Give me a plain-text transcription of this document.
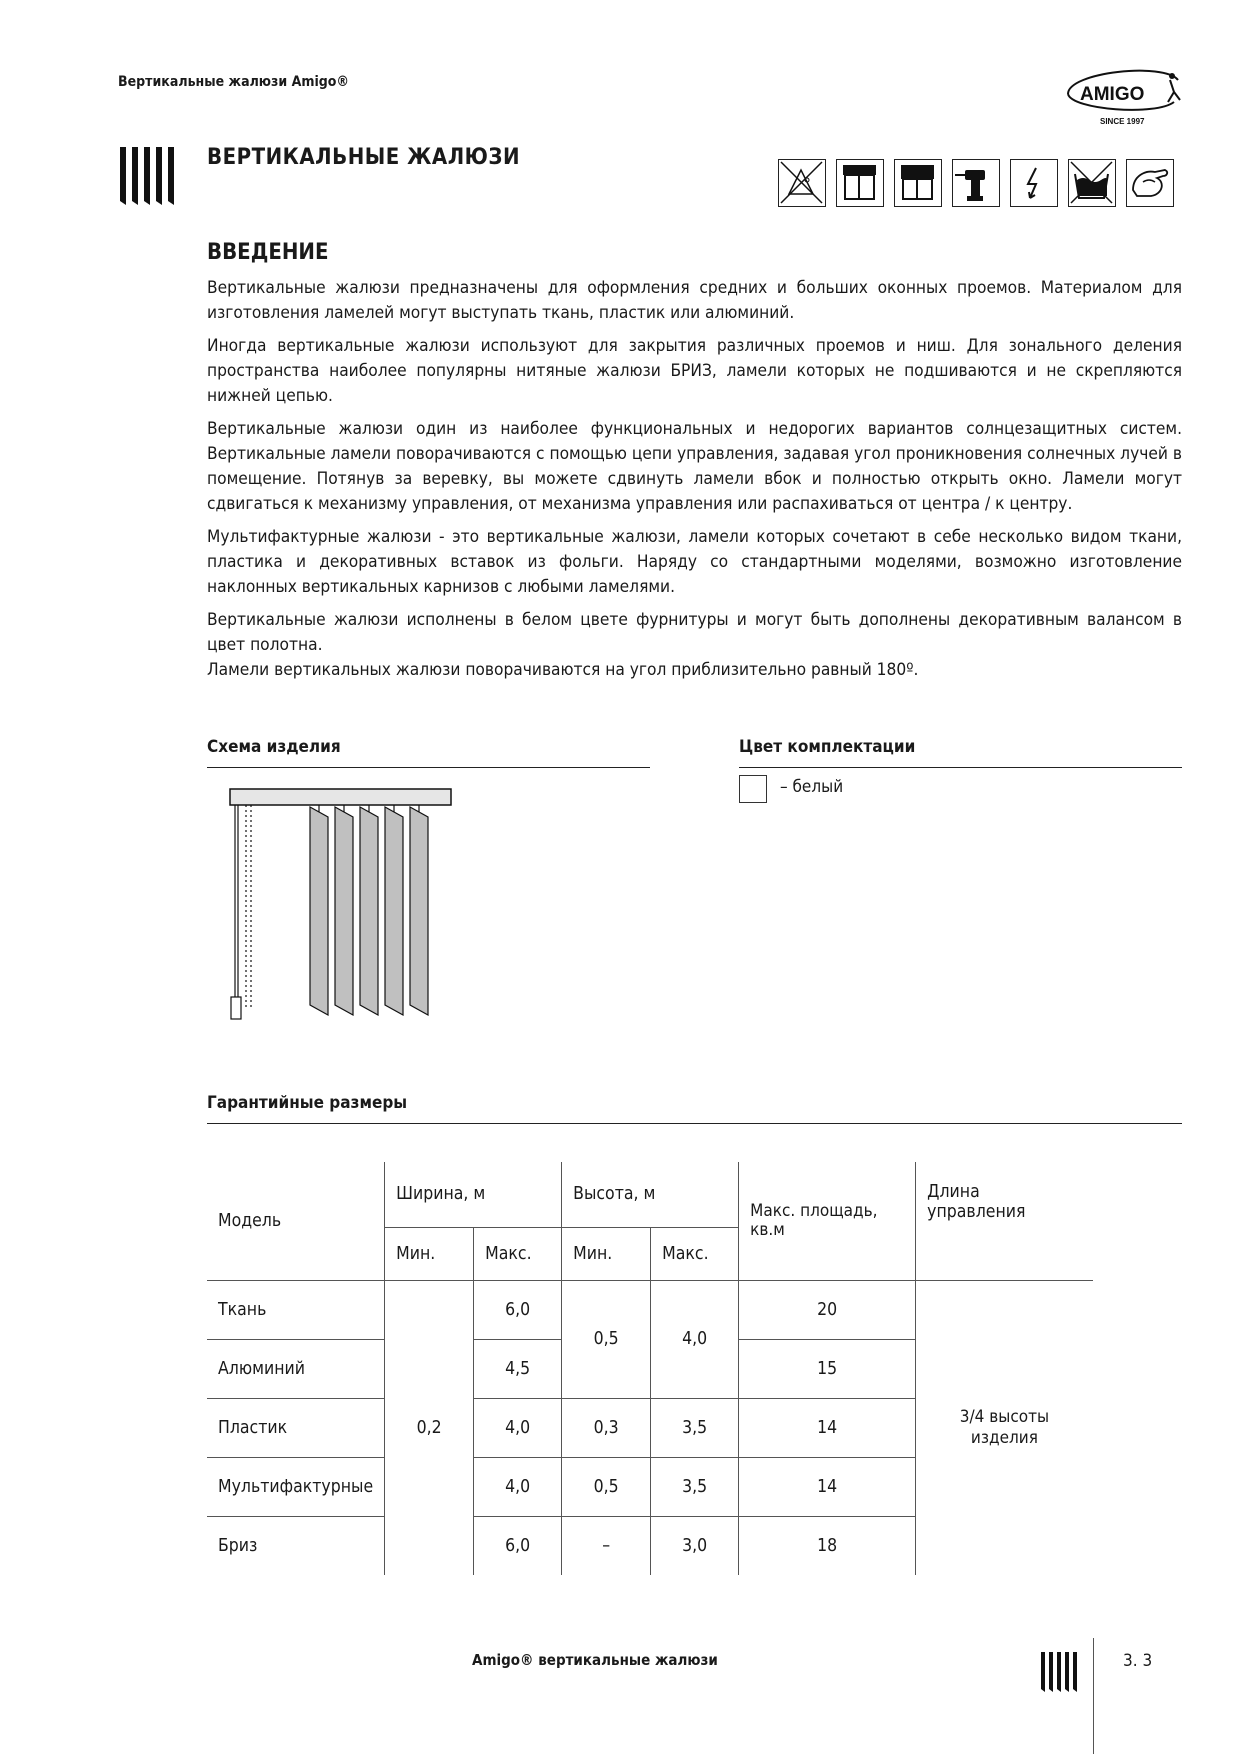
Вертикальные жалюзи Amigo®
AMIGO
SINCE 1997
ВЕРТИКАЛЬНЫЕ ЖАЛЮЗИ
ВВЕДЕНИЕ

Вертикальные жалюзи предназначены для оформления средних и больших оконных проемов. Материалом для изготовления ламелей могут выступать ткань, пластик или алюминий.

Иногда вертикальные жалюзи используют для закрытия различных проемов и ниш. Для зонального деления пространства наиболее популярны нитяные жалюзи БРИЗ, ламели которых не подшиваются и не скрепляются нижней цепью.

Вертикальные жалюзи один из наиболее функциональных и недорогих вариантов солнцезащитных систем. Вертикальные ламели поворачиваются с помощью цепи управления, задавая угол проникновения солнечных лучей в помещение. Потянув за веревку, вы можете сдвинуть ламели вбок и полностью открыть окно. Ламели могут сдвигаться к механизму управления, от механизма управления или распахиваться от центра / к центру.

Мультифактурные жалюзи - это вертикальные жалюзи, ламели которых сочетают в себе несколько видом ткани, пластика и декоративных вставок из фольги. Наряду со стандартными моделями, возможно изготовление наклонных вертикальных карнизов с любыми ламелями.

Вертикальные жалюзи исполнены в белом цвете фурнитуры и могут быть дополнены декоративным валансом в цвет полотна.

Ламели вертикальных жалюзи поворачиваются на угол приблизительно равный 180º.

Схема изделия	Цвет комплектации
– белый
Гарантийные размеры
Модель	Ширина, м		Высота, м		Макс. площадь, кв.м	Длина управления
	Мин.	Макс.	Мин.	Макс.		
Ткань	0,2	6,0	0,5	4,0	20	3/4 высоты изделия
Алюминий		4,5			15	
Пластик		4,0	0,3	3,5	14	
Мультифактурные		4,0	0,5	3,5	14	
Бриз		6,0	–	3,0	18	
Amigo® вертикальные жалюзи	3. 3
